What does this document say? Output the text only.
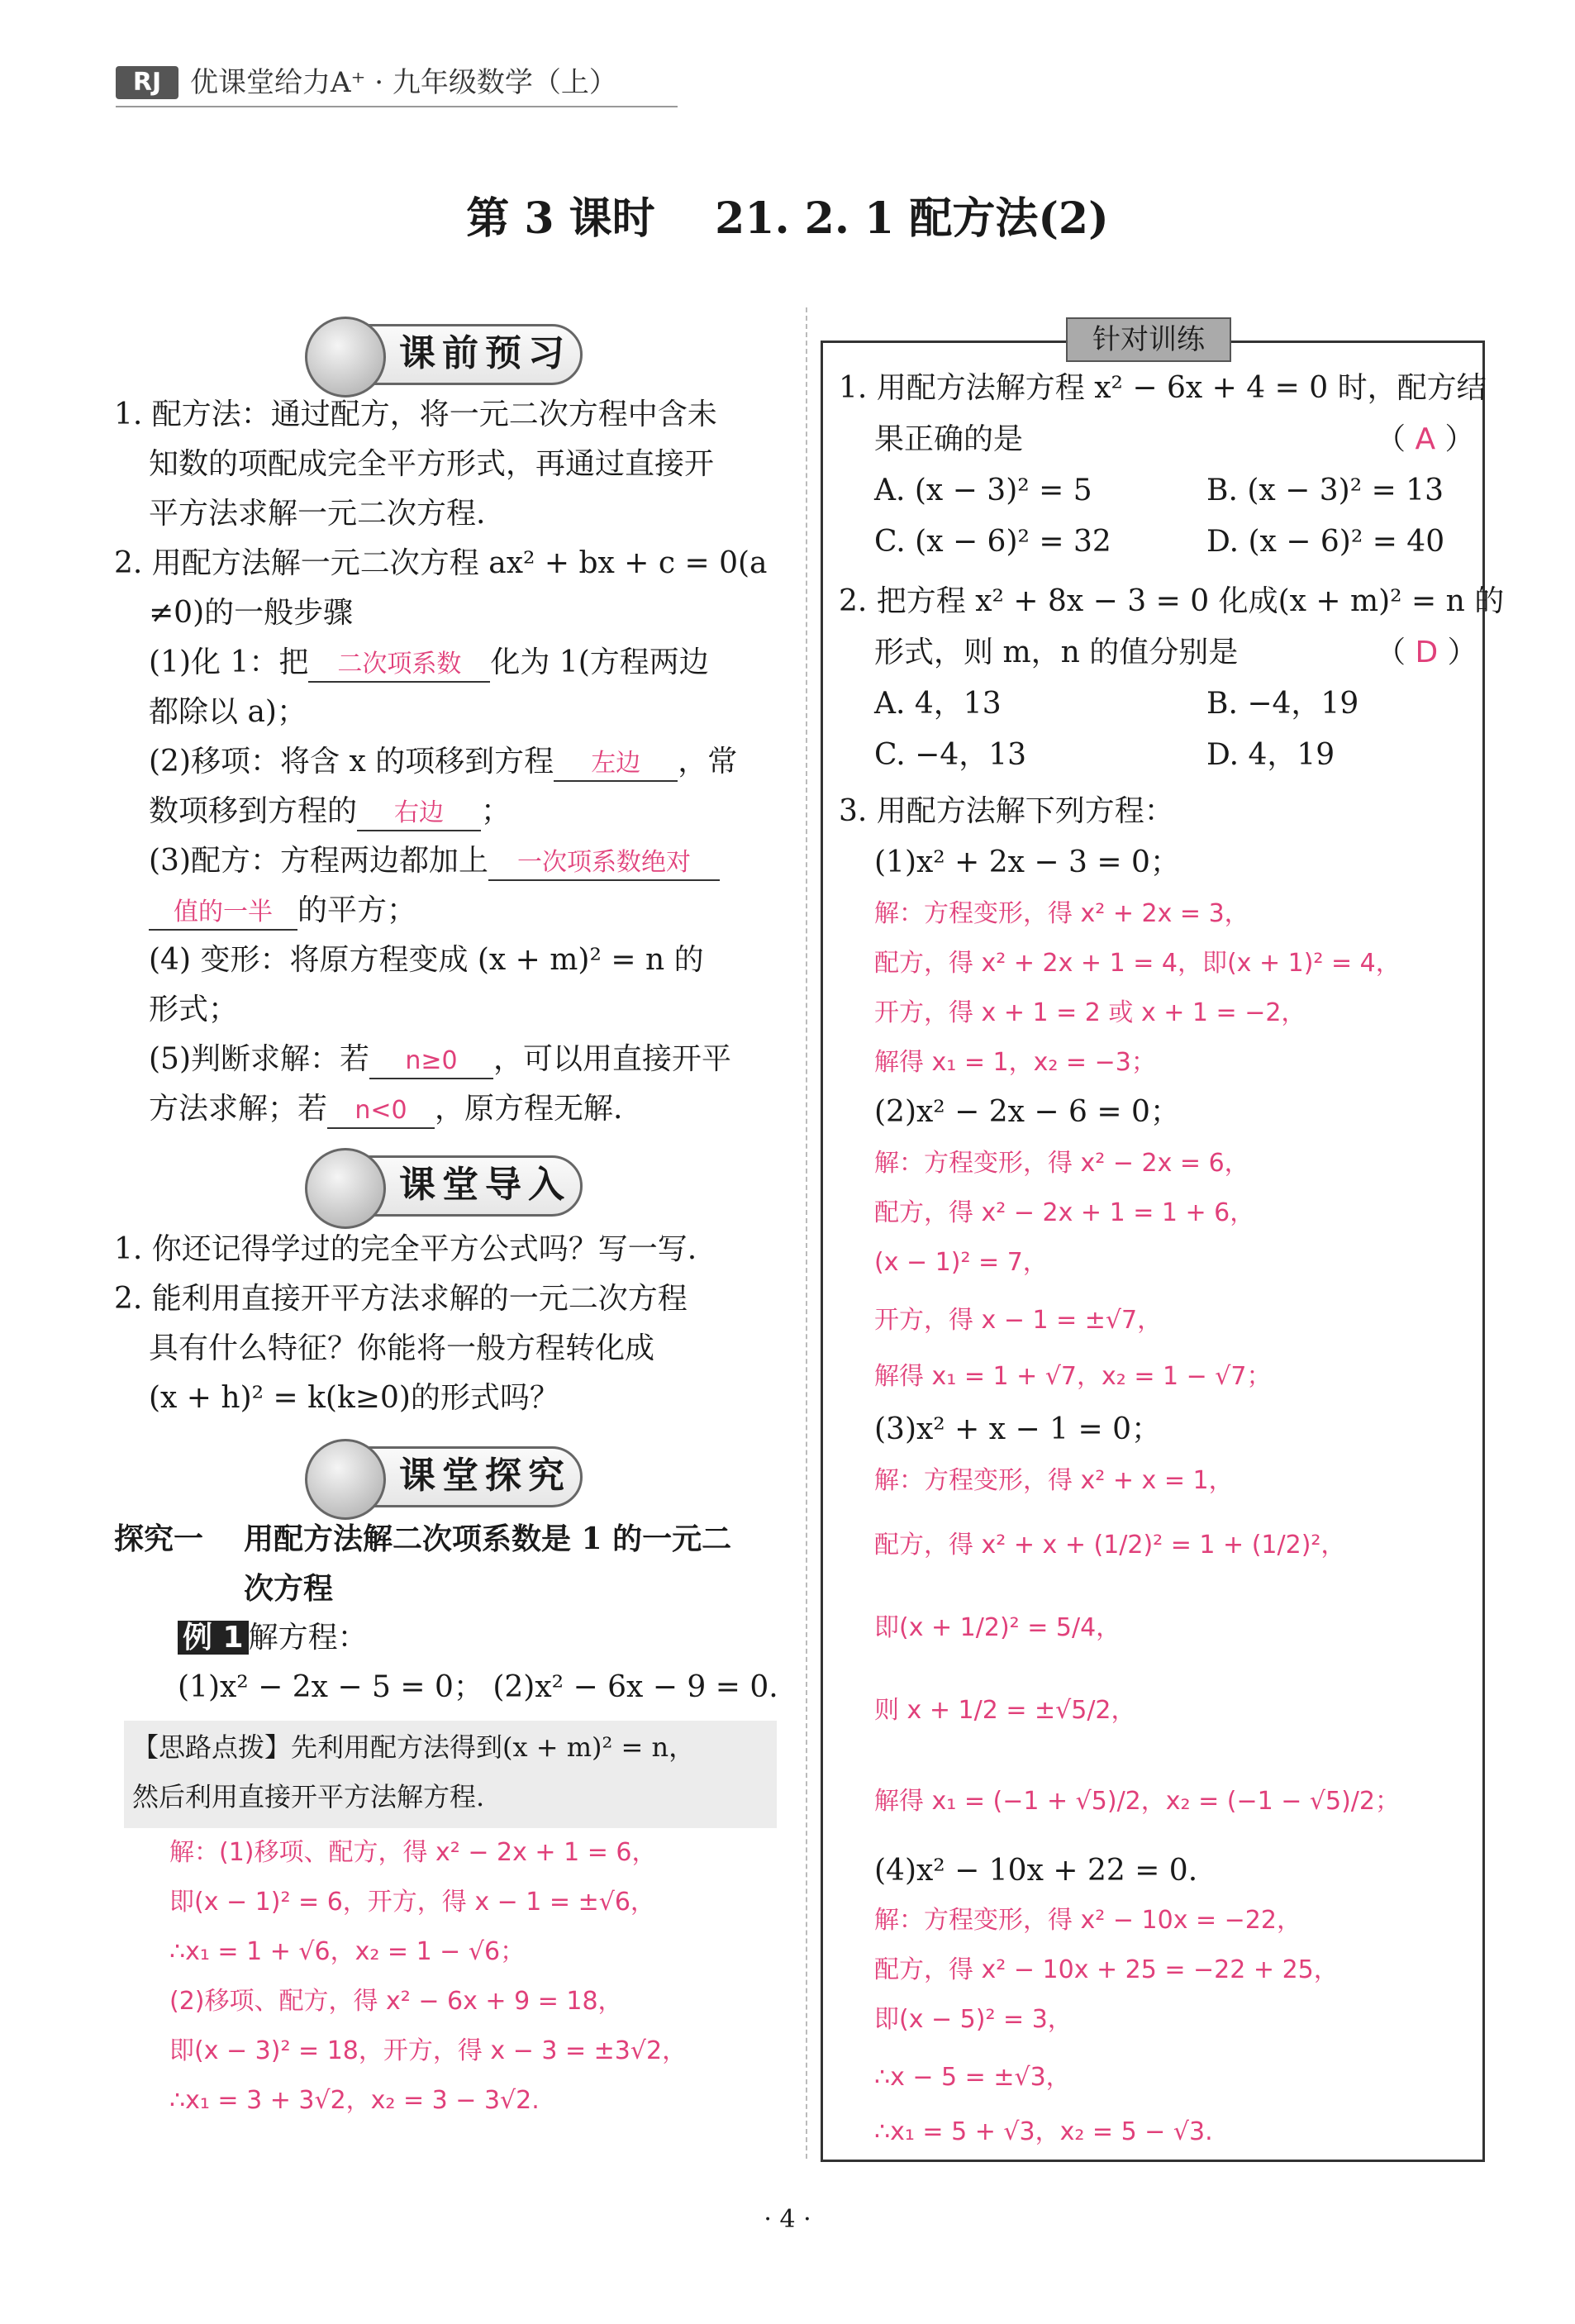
RJ	优课堂给力A⁺ · 九年级数学（上）
第 3 课时    21. 2. 1 配方法(2)
课前预习
1. 配方法：通过配方，将一元二次方程中含未
知数的项配成完全平方形式，再通过直接开
平方法求解一元二次方程.
2. 用配方法解一元二次方程 ax² + bx + c = 0(a
≠0)的一般步骤
(1)化 1：把 二次项系数 化为 1(方程两边
都除以 a)；
(2)移项：将含 x 的项移到方程 左边 ，常
数项移到方程的 右边 ；
(3)配方：方程两边都加上 一次项系数绝对
值的一半 的平方；
(4) 变形：将原方程变成 (x + m)² = n 的
形式；
(5)判断求解：若 n≥0 ，可以用直接开平
方法求解；若 n<0 ，原方程无解.
课堂导入
1. 你还记得学过的完全平方公式吗？写一写.
2. 能利用直接开平方法求解的一元二次方程
具有什么特征？你能将一般方程转化成
(x + h)² = k(k≥0)的形式吗？
课堂探究
探究一 用配方法解二次项系数是 1 的一元二
次方程
例 1 解方程：
(1)x² − 2x − 5 = 0； (2)x² − 6x − 9 = 0.
【思路点拨】先利用配方法得到(x + m)² = n，
然后利用直接开平方法解方程.
解：(1)移项、配方，得 x² − 2x + 1 = 6，
即(x − 1)² = 6，开方，得 x − 1 = ±√6，
∴x₁ = 1 + √6，x₂ = 1 − √6；
(2)移项、配方，得 x² − 6x + 9 = 18，
即(x − 3)² = 18，开方，得 x − 3 = ±3√2，
∴x₁ = 3 + 3√2，x₂ = 3 − 3√2.
针对训练
1. 用配方法解方程 x² − 6x + 4 = 0 时，配方结
果正确的是	（ A ）
A. (x − 3)² = 5	B. (x − 3)² = 13
C. (x − 6)² = 32	D. (x − 6)² = 40
2. 把方程 x² + 8x − 3 = 0 化成(x + m)² = n 的
形式，则 m，n 的值分别是	（ D ）
A. 4，13	B. −4，19
C. −4，13	D. 4，19
3. 用配方法解下列方程：
(1)x² + 2x − 3 = 0；
解：方程变形，得 x² + 2x = 3，
配方，得 x² + 2x + 1 = 4，即(x + 1)² = 4，
开方，得 x + 1 = 2 或 x + 1 = −2，
解得 x₁ = 1，x₂ = −3；
(2)x² − 2x − 6 = 0；
解：方程变形，得 x² − 2x = 6，
配方，得 x² − 2x + 1 = 1 + 6，
(x − 1)² = 7，
开方，得 x − 1 = ±√7，
解得 x₁ = 1 + √7，x₂ = 1 − √7；
(3)x² + x − 1 = 0；
解：方程变形，得 x² + x = 1，
配方，得 x² + x + (1/2)² = 1 + (1/2)²，
即(x + 1/2)² = 5/4，
则 x + 1/2 = ±√5/2，
解得 x₁ = (−1 + √5)/2，x₂ = (−1 − √5)/2；
(4)x² − 10x + 22 = 0.
解：方程变形，得 x² − 10x = −22，
配方，得 x² − 10x + 25 = −22 + 25，
即(x − 5)² = 3，
∴x − 5 = ±√3，
∴x₁ = 5 + √3，x₂ = 5 − √3.
· 4 ·
